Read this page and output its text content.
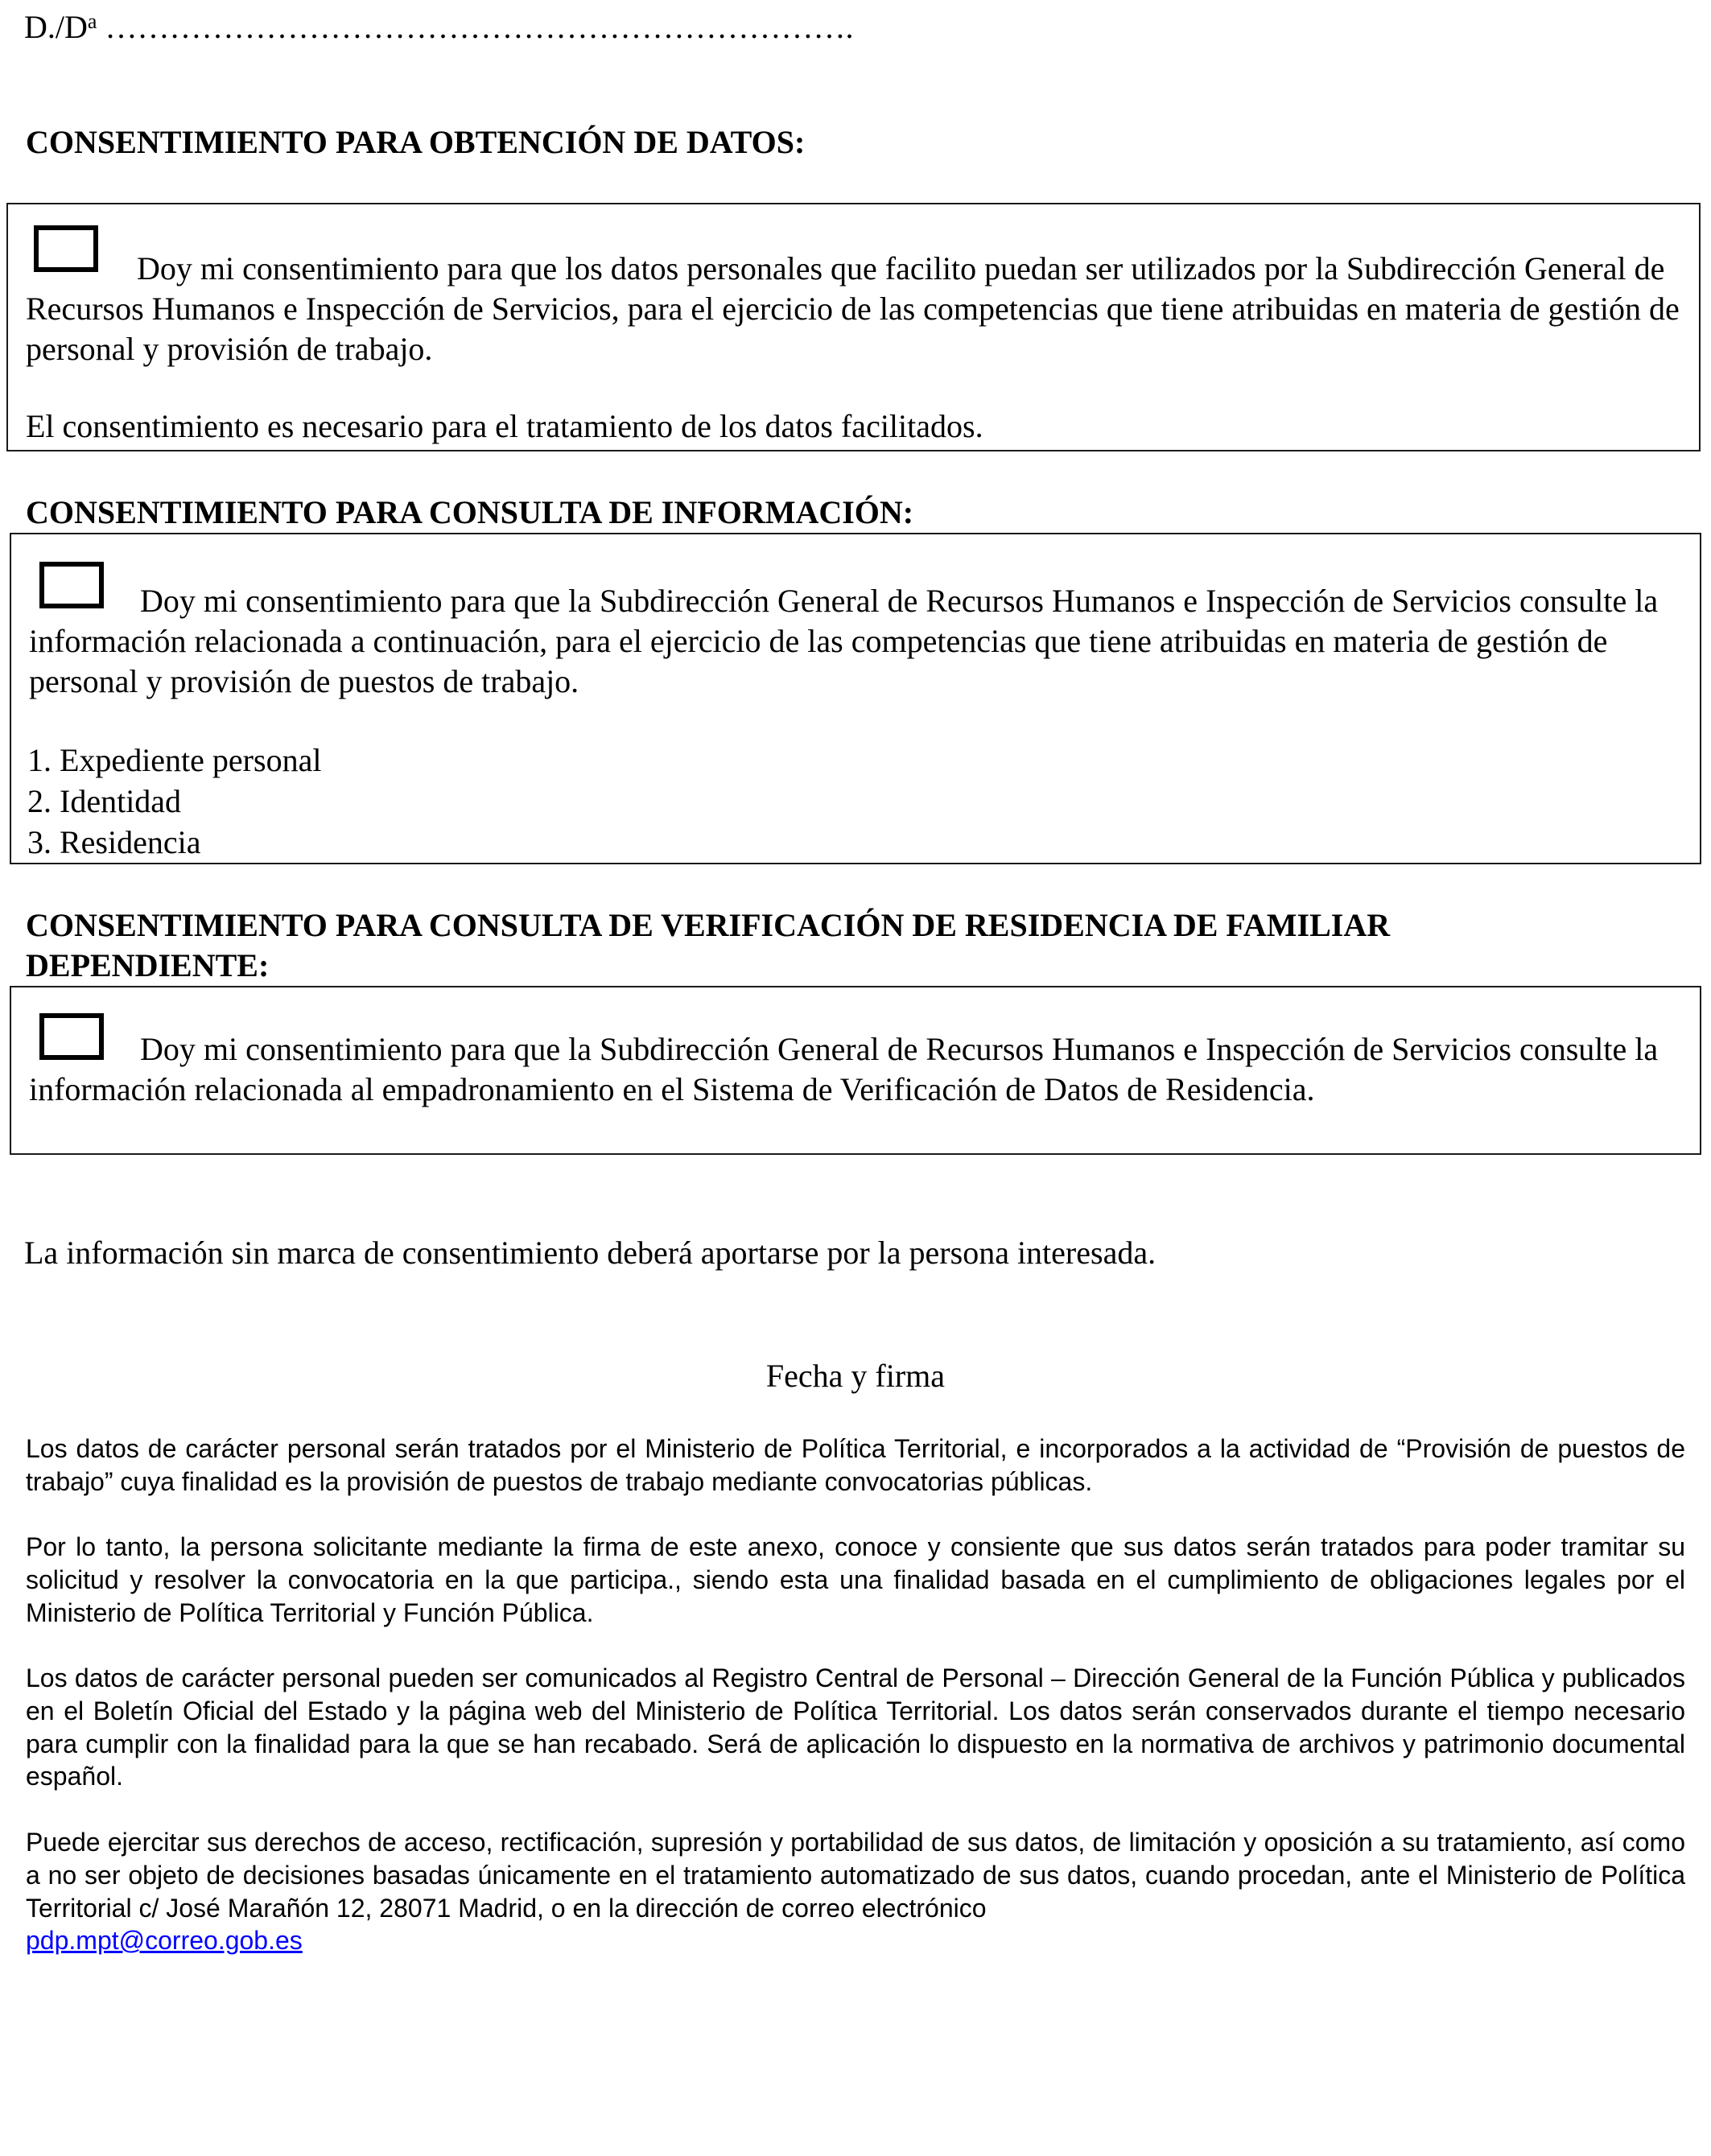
$D./D^a$ …………………………………………………………….
CONSENTIMIENTO PARA OBTENCIÓN DE DATOS:
Doy mi consentimiento para que los datos personales que facilito puedan ser utilizados por la Subdirección General de Recursos Humanos e Inspección de Servicios, para el ejercicio de las competencias que tiene atribuidas en materia de gestión de personal y provisión de trabajo.
El consentimiento es necesario para el tratamiento de los datos facilitados.
CONSENTIMIENTO PARA CONSULTA DE INFORMACIÓN:
Doy mi consentimiento para que la Subdirección General de Recursos Humanos e Inspección de Servicios consulte la información relacionada a continuación, para el ejercicio de las competencias que tiene atribuidas en materia de gestión de personal y provisión de puestos de trabajo.
1. Expediente personal
2. Identidad
3. Residencia
CONSENTIMIENTO PARA CONSULTA DE VERIFICACIÓN DE RESIDENCIA DE FAMILIAR
DEPENDIENTE:
Doy mi consentimiento para que la Subdirección General de Recursos Humanos e Inspección de Servicios consulte la información relacionada al empadronamiento en el Sistema de Verificación de Datos de Residencia.
La información sin marca de consentimiento deberá aportarse por la persona interesada.
Fecha y firma

Los datos de carácter personal serán tratados por el Ministerio de Política Territorial, e incorporados a la actividad de “Provisión de puestos de trabajo” cuya finalidad es la provisión de puestos de trabajo mediante convocatorias públicas.

Por lo tanto, la persona solicitante mediante la firma de este anexo, conoce y consiente que sus datos serán tratados para poder tramitar su solicitud y resolver la convocatoria en la que participa., siendo esta una finalidad basada en el cumplimiento de obligaciones legales por el Ministerio de Política Territorial y Función Pública.

Los datos de carácter personal pueden ser comunicados al Registro Central de Personal – Dirección General de la Función Pública y publicados en el Boletín Oficial del Estado y la página web del Ministerio de Política Territorial. Los datos serán conservados durante el tiempo necesario para cumplir con la finalidad para la que se han recabado. Será de aplicación lo dispuesto en la normativa de archivos y patrimonio documental español.

Puede ejercitar sus derechos de acceso, rectificación, supresión y portabilidad de sus datos, de limitación y oposición a su tratamiento, así como a no ser objeto de decisiones basadas únicamente en el tratamiento automatizado de sus datos, cuando procedan, ante el Ministerio de Política Territorial c/ José Marañón 12, 28071 Madrid, o en la dirección de correo electrónico
pdp.mpt@correo.gob.es
